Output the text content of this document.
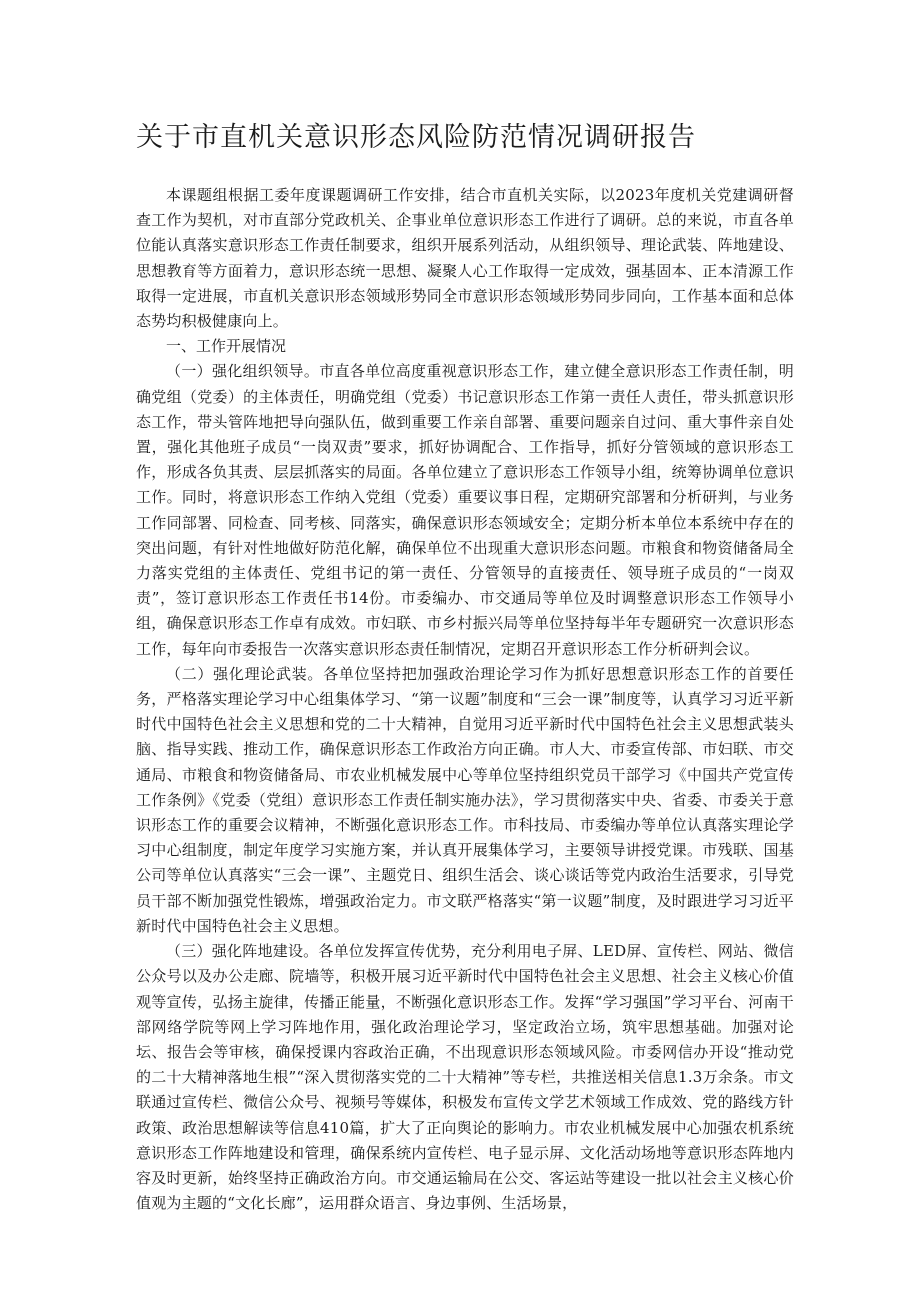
关于市直机关意识形态风险防范情况调研报告

本课题组根据工委年度课题调研工作安排，结合市直机关实际，以2023年度机关党建调研督查工作为契机，对市直部分党政机关、企事业单位意识形态工作进行了调研。总的来说，市直各单位能认真落实意识形态工作责任制要求，组织开展系列活动，从组织领导、理论武装、阵地建设、思想教育等方面着力，意识形态统一思想、凝聚人心工作取得一定成效，强基固本、正本清源工作取得一定进展，市直机关意识形态领域形势同全市意识形态领域形势同步同向，工作基本面和总体态势均积极健康向上。

一、工作开展情况

（一）强化组织领导。市直各单位高度重视意识形态工作，建立健全意识形态工作责任制，明确党组（党委）的主体责任，明确党组（党委）书记意识形态工作第一责任人责任，带头抓意识形态工作，带头管阵地把导向强队伍，做到重要工作亲自部署、重要问题亲自过问、重大事件亲自处置，强化其他班子成员“一岗双责”要求，抓好协调配合、工作指导，抓好分管领域的意识形态工作，形成各负其责、层层抓落实的局面。各单位建立了意识形态工作领导小组，统筹协调单位意识工作。同时，将意识形态工作纳入党组（党委）重要议事日程，定期研究部署和分析研判，与业务工作同部署、同检查、同考核、同落实，确保意识形态领域安全；定期分析本单位本系统中存在的突出问题，有针对性地做好防范化解，确保单位不出现重大意识形态问题。市粮食和物资储备局全力落实党组的主体责任、党组书记的第一责任、分管领导的直接责任、领导班子成员的“一岗双责”，签订意识形态工作责任书14份。市委编办、市交通局等单位及时调整意识形态工作领导小组，确保意识形态工作卓有成效。市妇联、市乡村振兴局等单位坚持每半年专题研究一次意识形态工作，每年向市委报告一次落实意识形态责任制情况，定期召开意识形态工作分析研判会议。

（二）强化理论武装。各单位坚持把加强政治理论学习作为抓好思想意识形态工作的首要任务，严格落实理论学习中心组集体学习、“第一议题”制度和“三会一课”制度等，认真学习习近平新时代中国特色社会主义思想和党的二十大精神，自觉用习近平新时代中国特色社会主义思想武装头脑、指导实践、推动工作，确保意识形态工作政治方向正确。市人大、市委宣传部、市妇联、市交通局、市粮食和物资储备局、市农业机械发展中心等单位坚持组织党员干部学习《中国共产党宣传工作条例》《党委（党组）意识形态工作责任制实施办法》，学习贯彻落实中央、省委、市委关于意识形态工作的重要会议精神，不断强化意识形态工作。市科技局、市委编办等单位认真落实理论学习中心组制度，制定年度学习实施方案，并认真开展集体学习，主要领导讲授党课。市残联、国基公司等单位认真落实“三会一课”、主题党日、组织生活会、谈心谈话等党内政治生活要求，引导党员干部不断加强党性锻炼，增强政治定力。市文联严格落实“第一议题”制度，及时跟进学习习近平新时代中国特色社会主义思想。

（三）强化阵地建设。各单位发挥宣传优势，充分利用电子屏、LED屏、宣传栏、网站、微信公众号以及办公走廊、院墙等，积极开展习近平新时代中国特色社会主义思想、社会主义核心价值观等宣传，弘扬主旋律，传播正能量，不断强化意识形态工作。发挥“学习强国”学习平台、河南干部网络学院等网上学习阵地作用，强化政治理论学习，坚定政治立场，筑牢思想基础。加强对论坛、报告会等审核，确保授课内容政治正确，不出现意识形态领域风险。市委网信办开设“推动党的二十大精神落地生根”“深入贯彻落实党的二十大精神”等专栏，共推送相关信息1.3万余条。市文联通过宣传栏、微信公众号、视频号等媒体，积极发布宣传文学艺术领域工作成效、党的路线方针政策、政治思想解读等信息410篇，扩大了正向舆论的影响力。市农业机械发展中心加强农机系统意识形态工作阵地建设和管理，确保系统内宣传栏、电子显示屏、文化活动场地等意识形态阵地内容及时更新，始终坚持正确政治方向。市交通运输局在公交、客运站等建设一批以社会主义核心价值观为主题的“文化长廊”，运用群众语言、身边事例、生活场景，
